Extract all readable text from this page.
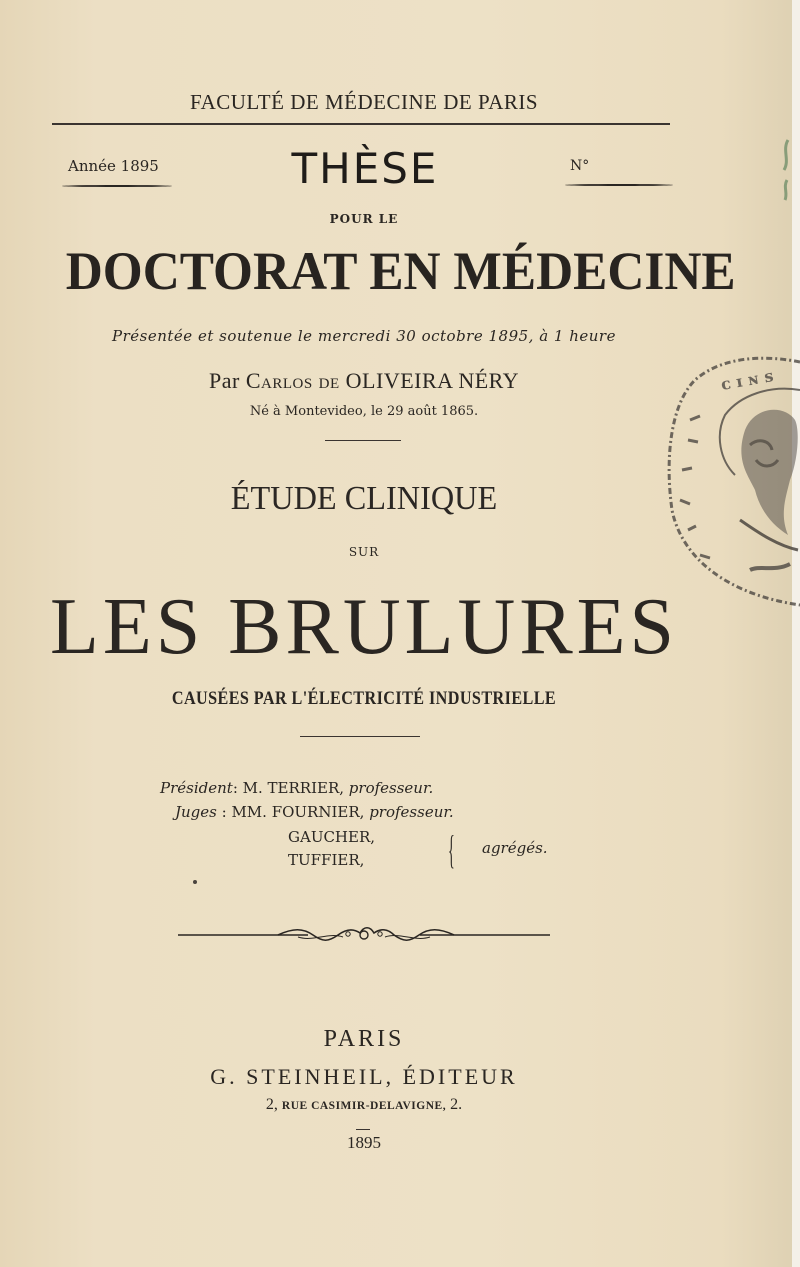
FACULTÉ DE MÉDECINE DE PARIS
Année 1895	THÈSE	N°
POUR LE
DOCTORAT EN MÉDECINE
Présentée et soutenue le mercredi 30 octobre 1895, à 1 heure
Par Carlos de OLIVEIRA NÉRY
Né à Montevideo, le 29 août 1865.
ÉTUDE CLINIQUE
SUR
LES BRULURES
CAUSÉES PAR L'ÉLECTRICITÉ INDUSTRIELLE
Président: M. TERRIER, professeur.
Juges : MM. FOURNIER, professeur.
GAUCHER,
TUFFIER, { agrégés.
PARIS
G. STEINHEIL, ÉDITEUR
2, RUE CASIMIR-DELAVIGNE, 2.
1895
ᴄ ɪ ɴ ꜱ
